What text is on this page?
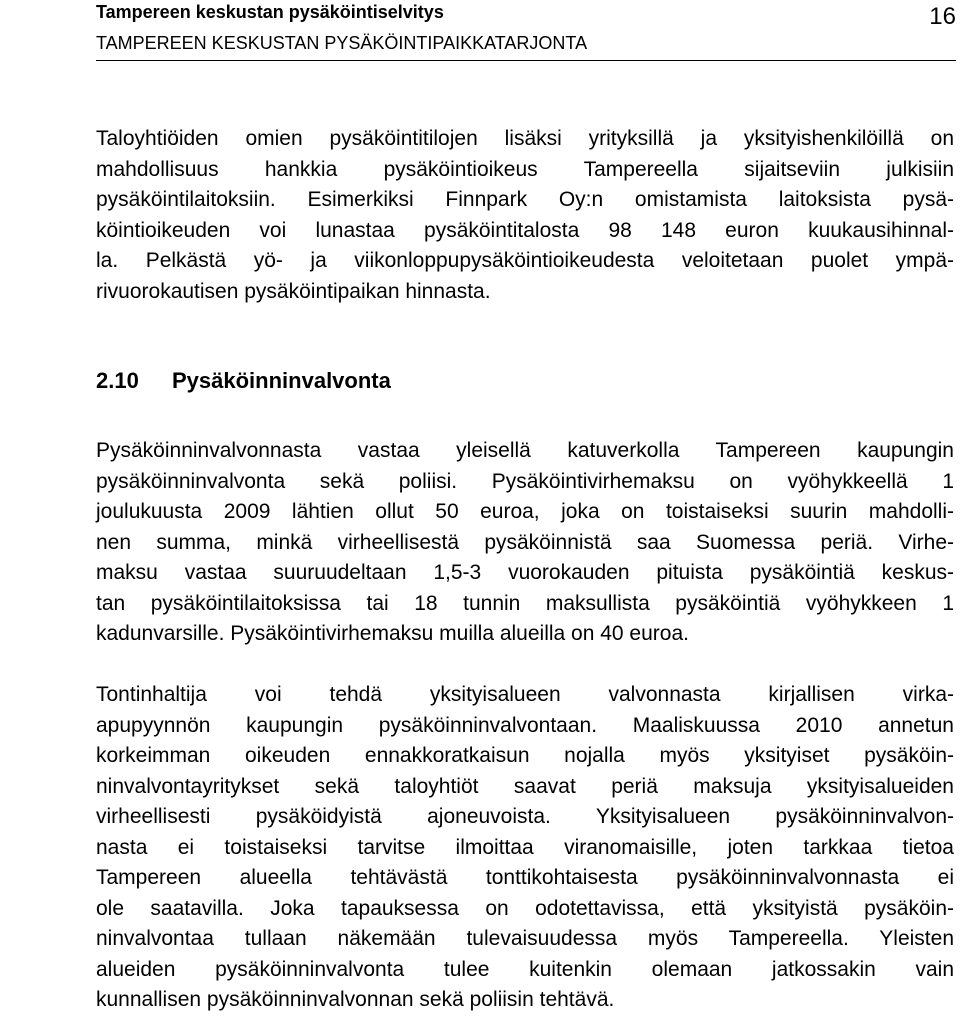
Tampereen keskustan pysäköintiselvitys
TAMPEREEN KESKUSTAN PYSÄKÖINTIPAIKKATARJONTA
16
Taloyhtiöiden omien pysäköintitilojen lisäksi yrityksillä ja yksityishenkilöillä on
mahdollisuus hankkia pysäköintioikeus Tampereella sijaitseviin julkisiin
pysäköintilaitoksiin. Esimerkiksi Finnpark Oy:n omistamista laitoksista pysä-
köintioikeuden voi lunastaa pysäköintitalosta 98 148 euron kuukausihinnal-
la. Pelkästä yö- ja viikonloppupysäköintioikeudesta veloitetaan puolet ympä-
rivuorokautisen pysäköintipaikan hinnasta.
2.10 Pysäköinninvalvonta
Pysäköinninvalvonnasta vastaa yleisellä katuverkolla Tampereen kaupungin
pysäköinninvalvonta sekä poliisi. Pysäköintivirhemaksu on vyöhykkeellä 1
joulukuusta 2009 lähtien ollut 50 euroa, joka on toistaiseksi suurin mahdolli-
nen summa, minkä virheellisestä pysäköinnistä saa Suomessa periä. Virhe-
maksu vastaa suuruudeltaan 1,5-3 vuorokauden pituista pysäköintiä keskus-
tan pysäköintilaitoksissa tai 18 tunnin maksullista pysäköintiä vyöhykkeen 1
kadunvarsille. Pysäköintivirhemaksu muilla alueilla on 40 euroa.
Tontinhaltija voi tehdä yksityisalueen valvonnasta kirjallisen virka-
apupyynnön kaupungin pysäköinninvalvontaan. Maaliskuussa 2010 annetun
korkeimman oikeuden ennakkoratkaisun nojalla myös yksityiset pysäköin-
ninvalvontayritykset sekä taloyhtiöt saavat periä maksuja yksityisalueiden
virheellisesti pysäköidyistä ajoneuvoista. Yksityisalueen pysäköinninvalvon-
nasta ei toistaiseksi tarvitse ilmoittaa viranomaisille, joten tarkkaa tietoa
Tampereen alueella tehtävästä tonttikohtaisesta pysäköinninvalvonnasta ei
ole saatavilla. Joka tapauksessa on odotettavissa, että yksityistä pysäköin-
ninvalvontaa tullaan näkemään tulevaisuudessa myös Tampereella. Yleisten
alueiden pysäköinninvalvonta tulee kuitenkin olemaan jatkossakin vain
kunnallisen pysäköinninvalvonnan sekä poliisin tehtävä.
